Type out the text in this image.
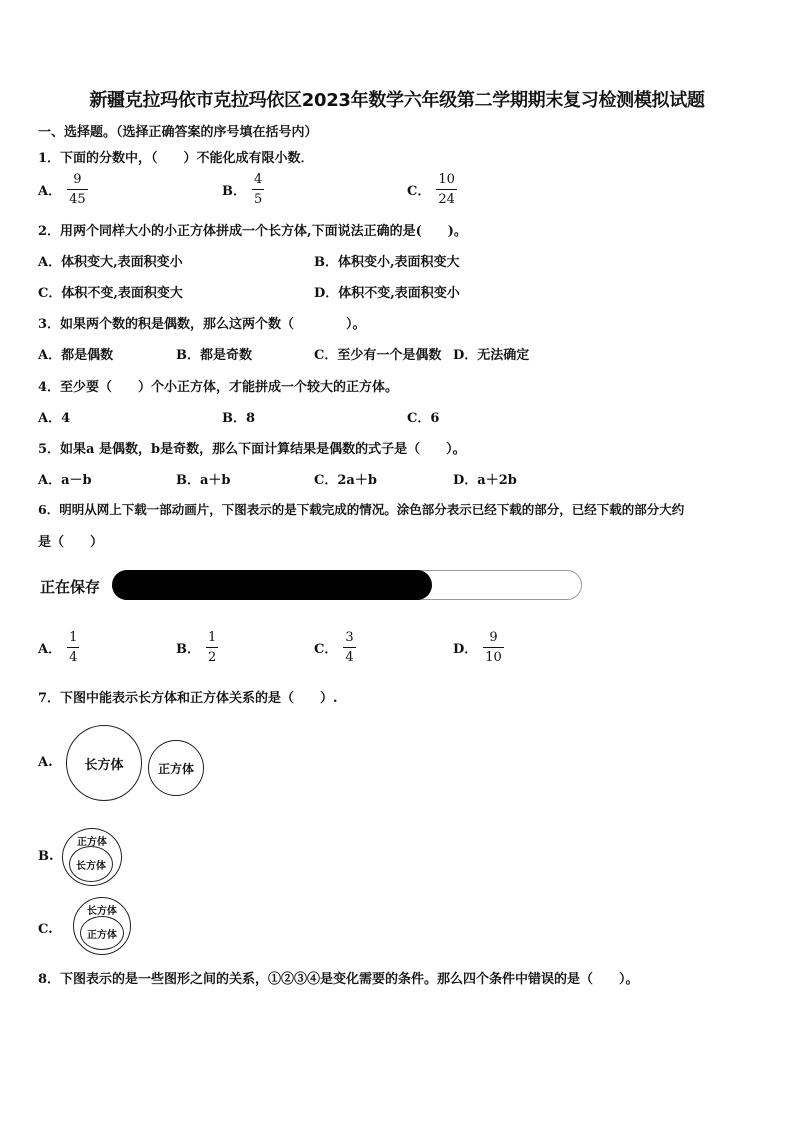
新疆克拉玛依市克拉玛依区2023年数学六年级第二学期期末复习检测模拟试题
一、选择题。（选择正确答案的序号填在括号内）
1．下面的分数中，（　　）不能化成有限小数．
A． $\frac{9}{45}$	B． $\frac{4}{5}$	C． $\frac{10}{24}$
2．用两个同样大小的小正方体拼成一个长方体,下面说法正确的是(　　)。
A．体积变大,表面积变小	B．体积变小,表面积变大
C．体积不变,表面积变大	D．体积不变,表面积变小
3．如果两个数的积是偶数，那么这两个数（　　　　）。
A．都是偶数	B．都是奇数	C．至少有一个是偶数 D．无法确定
4．至少要（　　）个小正方体，才能拼成一个较大的正方体。
A．4	B．8	C．6
5．如果a 是偶数，b是奇数，那么下面计算结果是偶数的式子是（　　）。
A．a－b	B．a＋b	C．2a＋b	D．a＋2b
6．明明从网上下载一部动画片，下图表示的是下载完成的情况。涂色部分表示已经下载的部分，已经下载的部分大约
是（　　）
正在保存
A． $\frac{1}{4}$	B． $\frac{1}{2}$	C． $\frac{3}{4}$	D． $\frac{9}{10}$
7．下图中能表示长方体和正方体关系的是（　　）.
A. 长方体	正方体
B.
正方体
长方体
C.
长方体
正方体
8．下图表示的是一些图形之间的关系，①②③④是变化需要的条件。那么四个条件中错误的是（　　）。
